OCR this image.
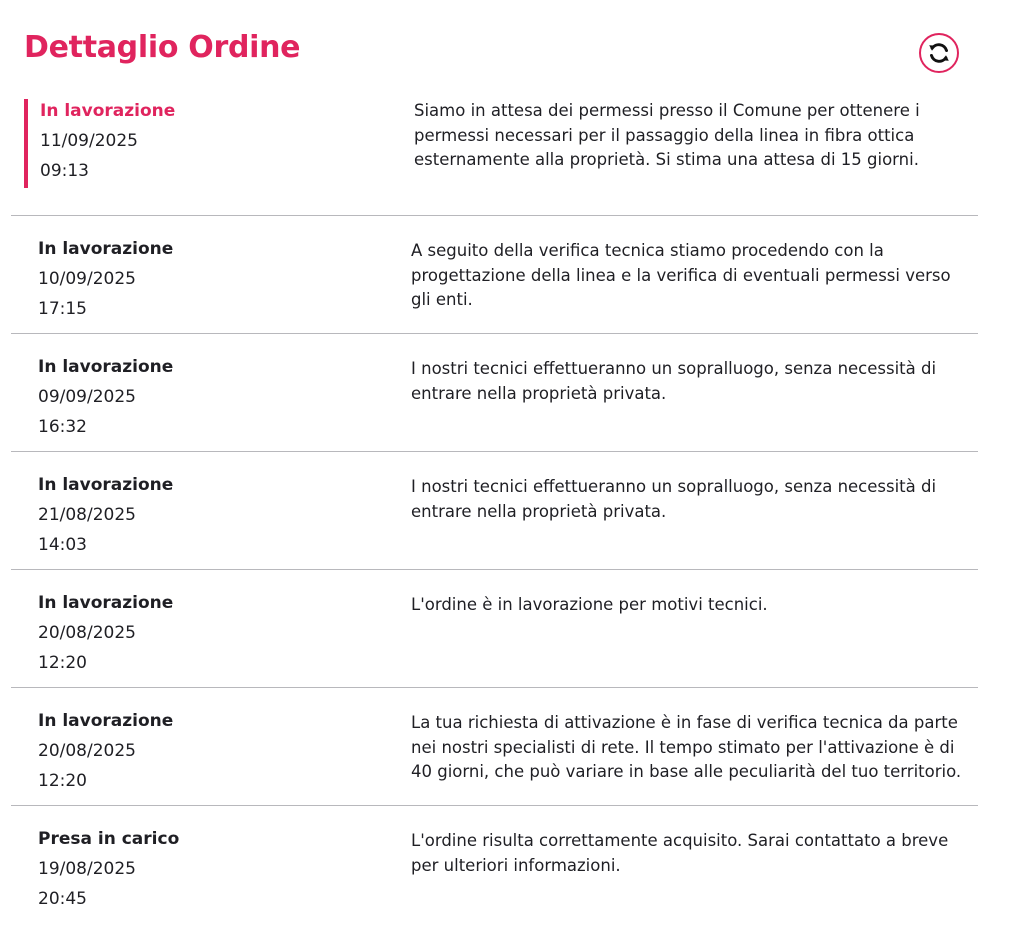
Dettaglio Ordine
In lavorazione
11/09/2025
09:13
Siamo in attesa dei permessi presso il Comune per ottenere i permessi necessari per il passaggio della linea in fibra ottica esternamente alla proprietà. Si stima una attesa di 15 giorni.
In lavorazione
10/09/2025
17:15
A seguito della verifica tecnica stiamo procedendo con la progettazione della linea e la verifica di eventuali permessi verso gli enti.
In lavorazione
09/09/2025
16:32
I nostri tecnici effettueranno un sopralluogo, senza necessità di entrare nella proprietà privata.
In lavorazione
21/08/2025
14:03
I nostri tecnici effettueranno un sopralluogo, senza necessità di entrare nella proprietà privata.
In lavorazione
20/08/2025
12:20
L'ordine è in lavorazione per motivi tecnici.
In lavorazione
20/08/2025
12:20
La tua richiesta di attivazione è in fase di verifica tecnica da parte nei nostri specialisti di rete. Il tempo stimato per l'attivazione è di 40 giorni, che può variare in base alle peculiarità del tuo territorio.
Presa in carico
19/08/2025
20:45
L'ordine risulta correttamente acquisito. Sarai contattato a breve per ulteriori informazioni.
